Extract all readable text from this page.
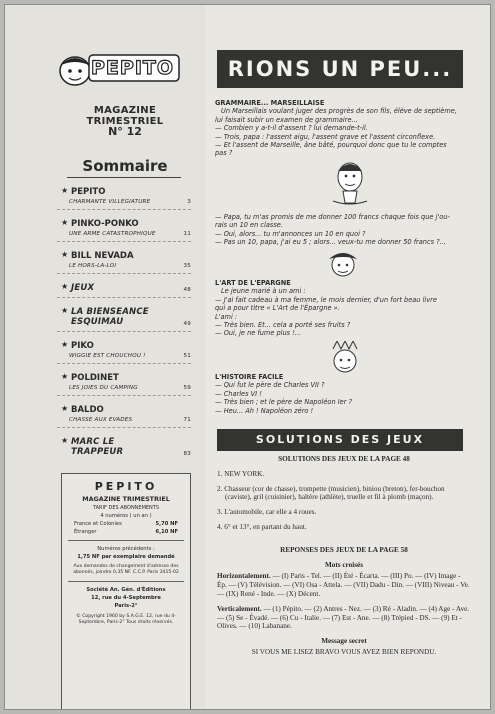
PEPITO
MAGAZINE TRIMESTRIEL
N° 12
Sommaire
★ PEPITO
CHARMANTE VILLEGIATURE	3
★ PINKO-PONKO
UNE ARME CATASTROPHIQUE	11
★ BILL NEVADA
LE HORS-LA-LOI	35
★ JEUX	48
★ LA BIENSEANCE ESQUIMAU	49
★ PIKO
WIGGIE EST CHOUCHOU !	51
★ POLDINET
LES JOIES DU CAMPING	59
★ BALDO
CHASSE AUX EVADES	71
★ MARC LE TRAPPEUR	83
PEPITO
MAGAZINE TRIMESTRIEL
TARIF DES ABONNEMENTS
4 numéros ( un an )
France et Colonies	5,70 NF
Étranger	6,10 NF
Numéros précédents :
1,75 NF par exemplaire demandé
Aux demandes de changement d'adresse des abonnés, joindre 0,35 NF. C.C.P. Paris 3415-02
Société An. Gén. d'Éditions
12, rue du 4-Septembre
Paris-2°
© Copyright 1960 by S.A.G.E. 12, rue du 4-Septembre, Paris-2° Tous droits réservés.
RIONS UN PEU...
GRAMMAIRE... MARSEILLAISE
Un Marseillais voulant juger des progrès de son fils, élève de septième,
lui faisait subir un examen de grammaire...
— Combien y a-t-il d'assent ? lui demande-t-il.
— Trois, papa : l'assent aigu, l'assent grave et l'assent circonflexe.
— Et l'assent de Marseille, âne bâté, pourquoi donc que tu le comptes
pas ?
— Papa, tu m'as promis de me donner 100 francs chaque fois que j'ou-
rais un 10 en classe.
— Oui, alors... tu m'annonces un 10 en quoi ?
— Pas un 10, papa, j'ai eu 5 ; alors... veux-tu me donner 50 francs ?...
L'ART DE L'EPARGNE
Le jeune marié à un ami :
— J'ai fait cadeau à ma femme, le mois dernier, d'un fort beau livre
qui a pour titre « L'Art de l'Épargne ».
L'ami :
— Très bien. Et... cela a porté ses fruits ?
— Oui, je ne fume plus !...
L'HISTOIRE FACILE
— Qui fut le père de Charles VII ?
— Charles VI !
— Très bien ; et le père de Napoléon Ier ?
— Heu... Ah ! Napoléon zéro !
SOLUTIONS DES JEUX
SOLUTIONS DES JEUX DE LA PAGE 48

1. NEW YORK.

2. Chasseur (cor de chasse), trompette (musicien), biniou (breton), fer-bouchon (caviste), gril (cuisinier), haltère (athlète), truelle et fil à plomb (maçon).

3. L'automobile, car elle a 4 roues.

4. 6° et 13°, en partant du haut.

REPONSES DES JEUX DE LA PAGE 58

Mots croisés

Horizontalement. — (I) Paris - Tel. — (II) Été - Écarta. — (III) Po. — (IV) Image - Ép. — (V) Télévision. — (VI) Osa - Attela. — (VII) Dadu - Din. — (VIII) Niveau - Ve. — (IX) René - Inde. — (X) Décent.

Verticalement. — (1) Pépito. — (2) Antres - Nez. — (3) Ré - Aladin. — (4) Age - Ave. — (5) Se - Évadé. — (6) Cu - Italie. — (7) Est - Ane. — (8) Trépied - DS. — (9) Et - Olives. — (10) Labanane.

Message secret

SI VOUS ME LISEZ BRAVO VOUS AVEZ BIEN REPONDU.
